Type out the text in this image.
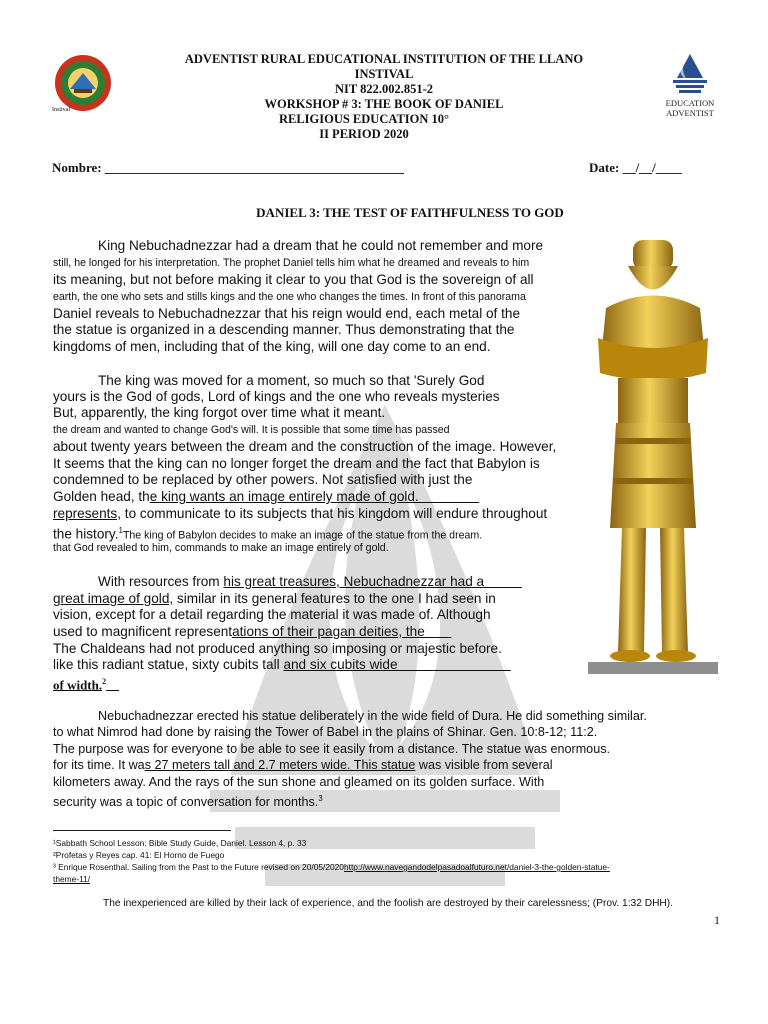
Instival
ADVENTIST RURAL EDUCATIONAL INSTITUTION OF THE LLANO
INSTIVAL
NIT 822.002.851-2
WORKSHOP # 3: THE BOOK OF DANIEL
RELIGIOUS EDUCATION 10°
II PERIOD 2020
EDUCATION
ADVENTIST
Nombre: ______________________________________________	Date: __/__/____
DANIEL 3: THE TEST OF FAITHFULNESS TO GOD
King Nebuchadnezzar had a dream that he could not remember and more
still, he longed for his interpretation. The prophet Daniel tells him what he dreamed and reveals to him
its meaning, but not before making it clear to you that God is the sovereign of all
earth, the one who sets and stills kings and the one who changes the times. In front of this panorama
Daniel reveals to Nebuchadnezzar that his reign would end, each metal of the
the statue is organized in a descending manner. Thus demonstrating that the
kingdoms of men, including that of the king, will one day come to an end.
The king was moved for a moment, so much so that 'Surely God
yours is the God of gods, Lord of kings and the one who reveals mysteries
But, apparently, the king forgot over time what it meant.
the dream and wanted to change God's will. It is possible that some time has passed
about twenty years between the dream and the construction of the image. However,
It seems that the king can no longer forget the dream and the fact that Babylon is
condemned to be replaced by other powers. Not satisfied with just the
Golden head, the king wants an image entirely made of gold.
represents, to communicate to its subjects that his kingdom will endure throughout
the history.$^1$The king of Babylon decides to make an image of the statue from the dream.
that God revealed to him, commands to make an image entirely of gold.
With resources from his great treasures, Nebuchadnezzar had a
great image of gold, similar in its general features to the one I had seen in
vision, except for a detail regarding the material it was made of. Although
used to magnificent representations of their pagan deities, the
The Chaldeans had not produced anything so imposing or majestic before.
like this radiant statue, sixty cubits tall and six cubits wide
of width.$^2$
Nebuchadnezzar erected his statue deliberately in the wide field of Dura. He did something similar.
to what Nimrod had done by raising the Tower of Babel in the plains of Shinar. Gen. 10:8-12; 11:2.
The purpose was for everyone to be able to see it easily from a distance. The statue was enormous.
for its time. It was 27 meters tall and 2.7 meters wide. This statue was visible from several
kilometers away. And the rays of the sun shone and gleamed on its golden surface. With
security was a topic of conversation for months.$^3$
¹Sabbath School Lesson: Bible Study Guide, Daniel. Lesson 4, p. 33
²Profetas y Reyes cap. 41: El Horno de Fuego
³ Enrique Rosenthal. Sailing from the Past to the Future revised on 20/05/2020http://www.navegandodelpasadoalfuturo.net/daniel-3-the-golden-statue-
theme-11/
The inexperienced are killed by their lack of experience, and the foolish are destroyed by their carelessness; (Prov. 1:32 DHH).
1
